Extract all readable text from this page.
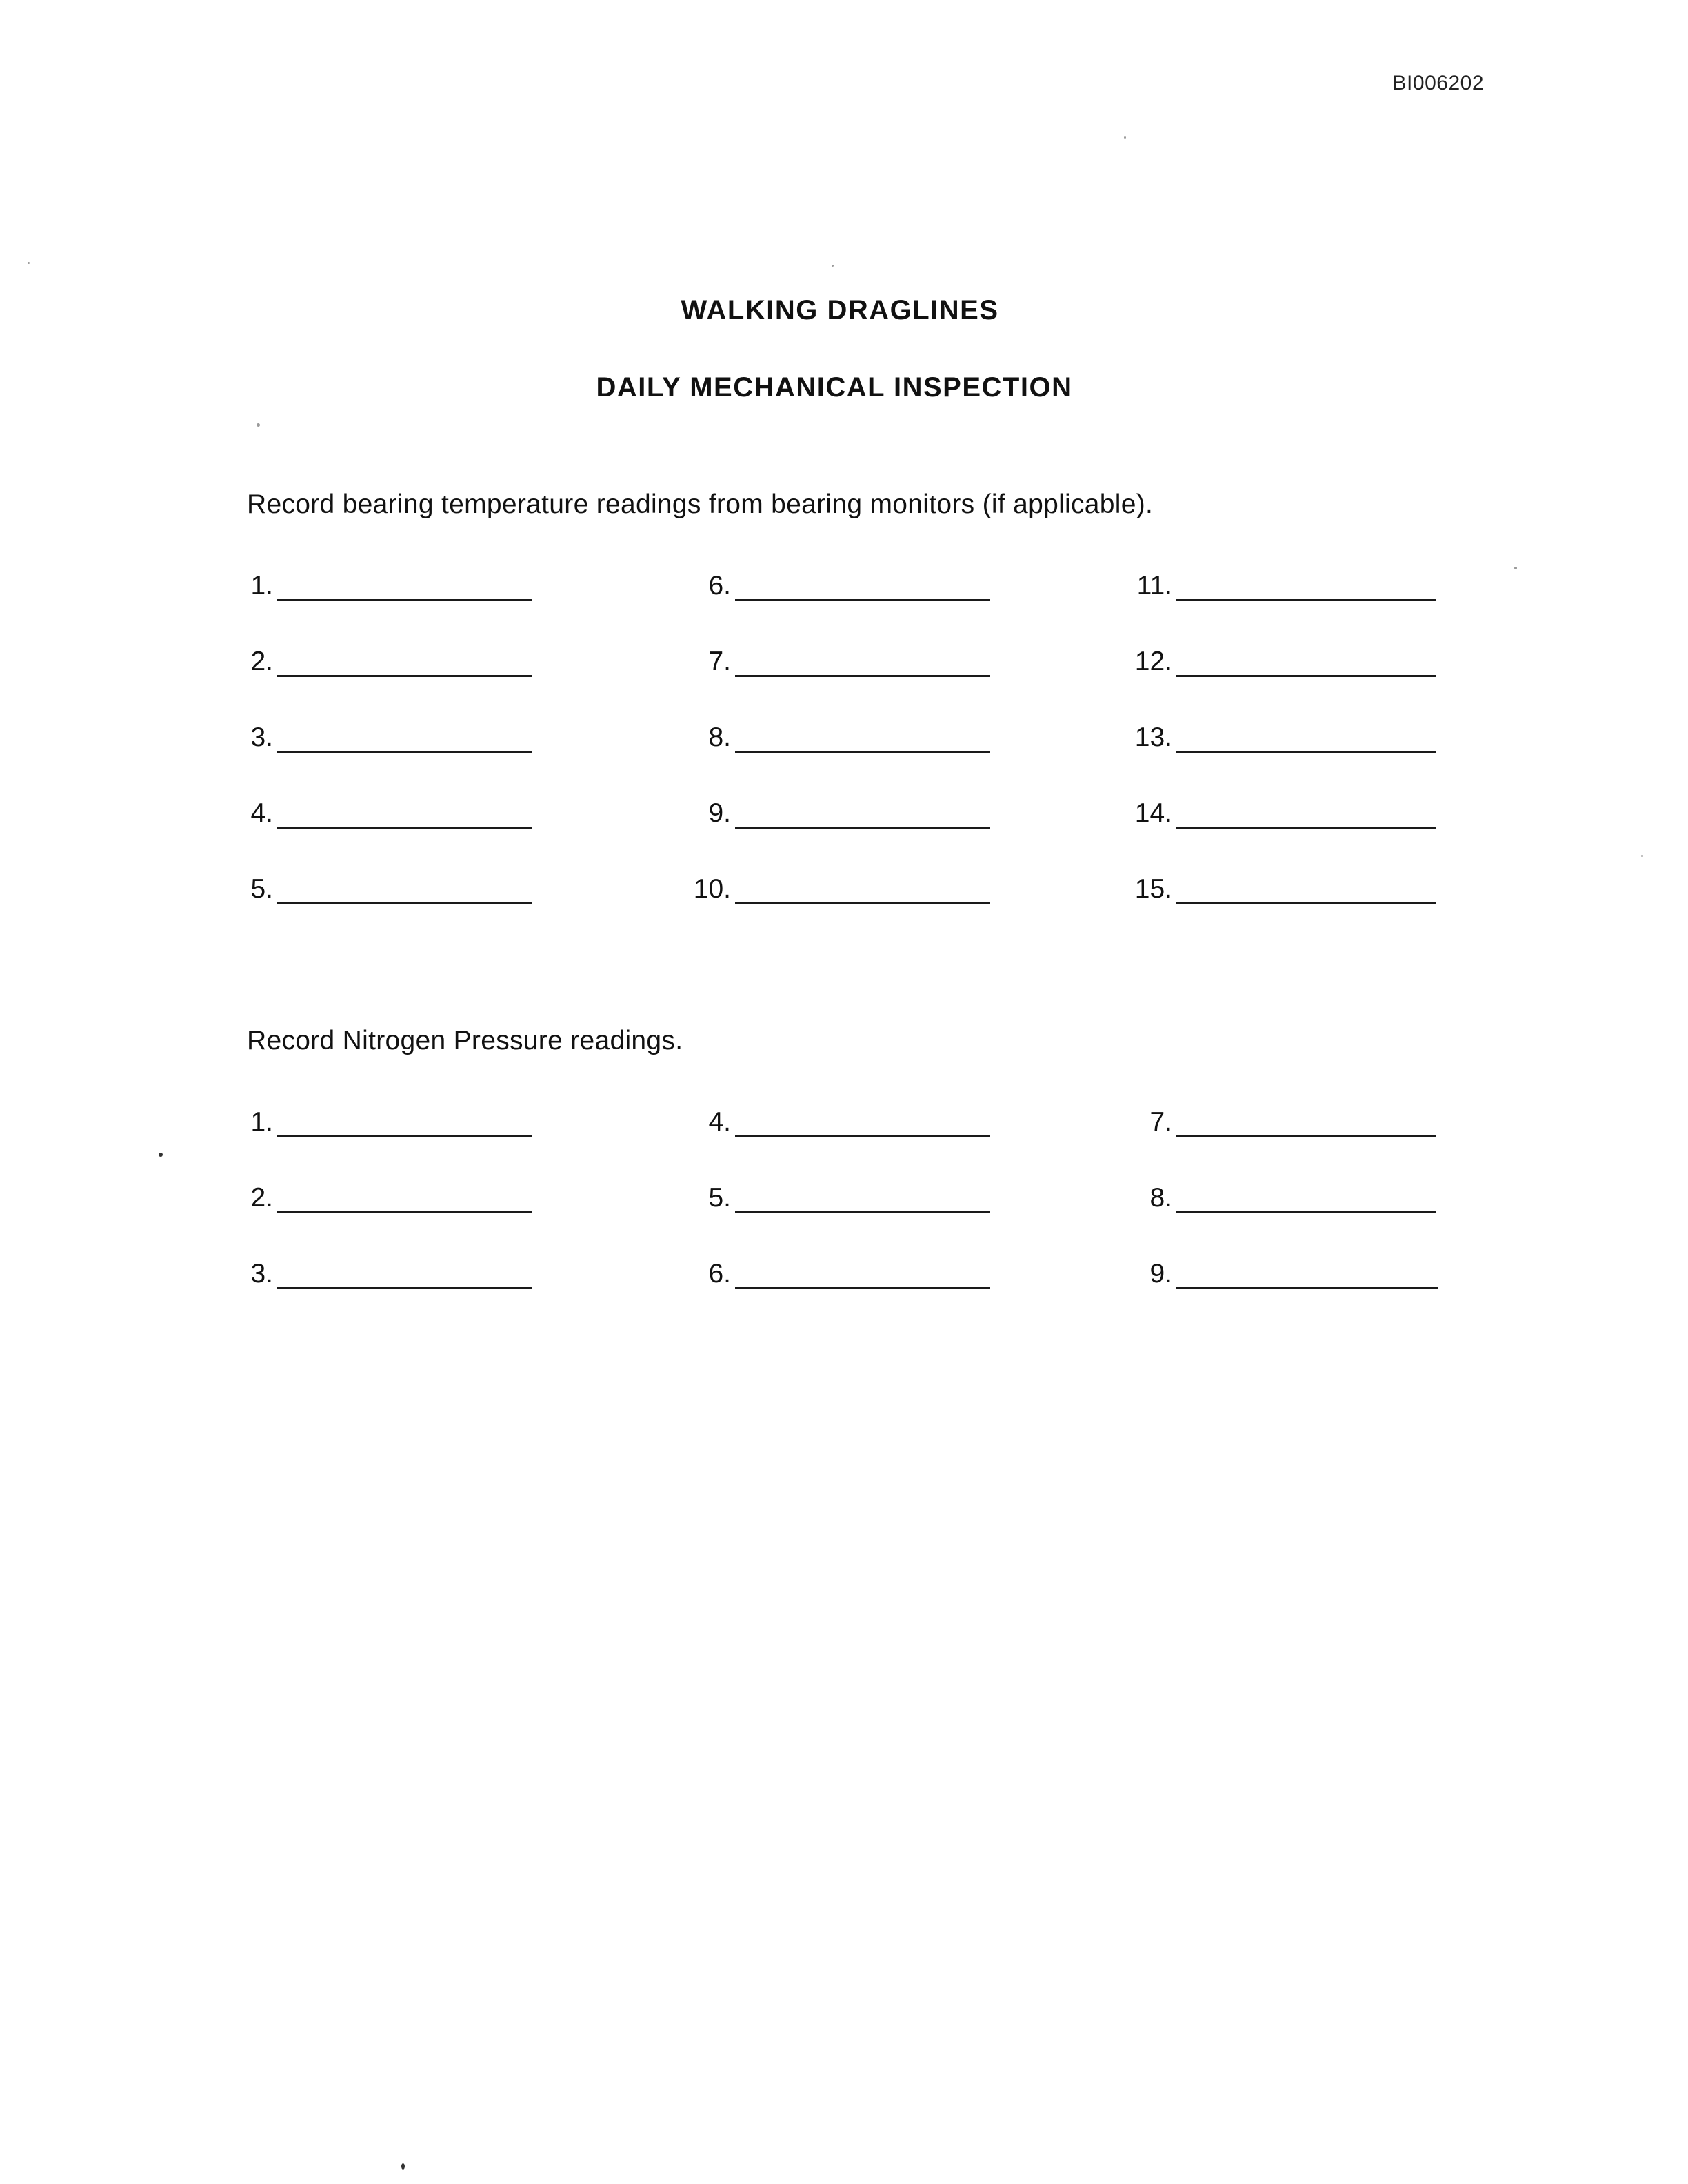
BI006202
WALKING DRAGLINES
DAILY MECHANICAL INSPECTION
Record bearing temperature readings from bearing monitors (if applicable).
1.
2.
3.
4.
5.
6.
7.
8.
9.
10.
11.
12.
13.
14.
15.
Record Nitrogen Pressure readings.
1.
2.
3.
4.
5.
6.
7.
8.
9.
